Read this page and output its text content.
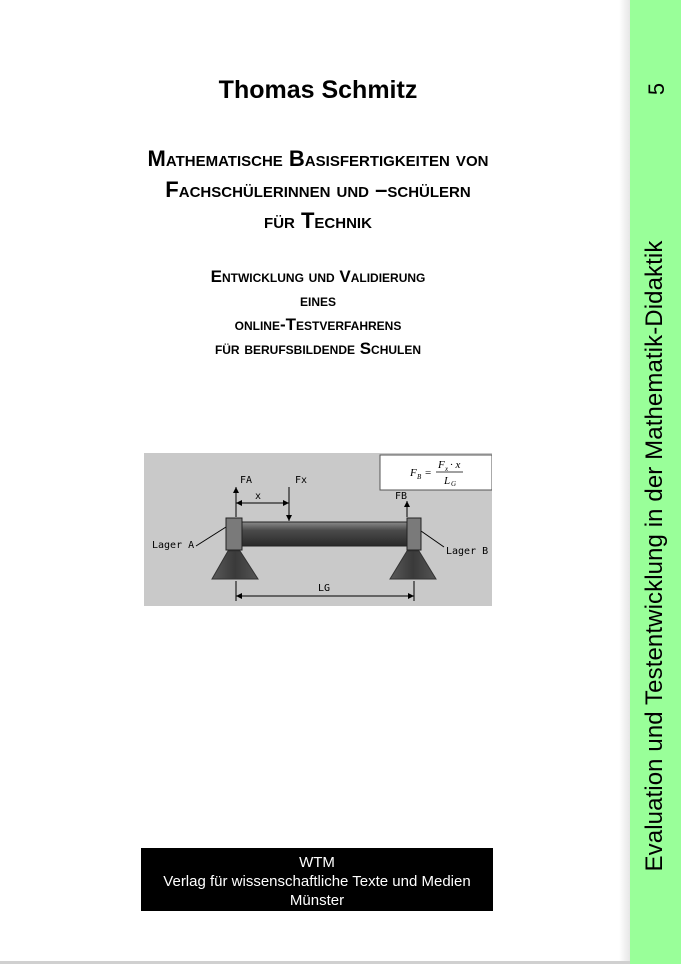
5
Evaluation und Testentwicklung in der Mathematik-Didaktik
Thomas Schmitz
Mathematische Basisfertigkeiten von
Fachschülerinnen und –schülern
für Technik
Entwicklung und Validierung
eines
online-Testverfahrens
für berufsbildende Schulen
F B =
F x · x
L G
FA	Fx
x	FB
Lager A
Lager B
LG
WTM
Verlag für wissenschaftliche Texte und Medien
Münster
